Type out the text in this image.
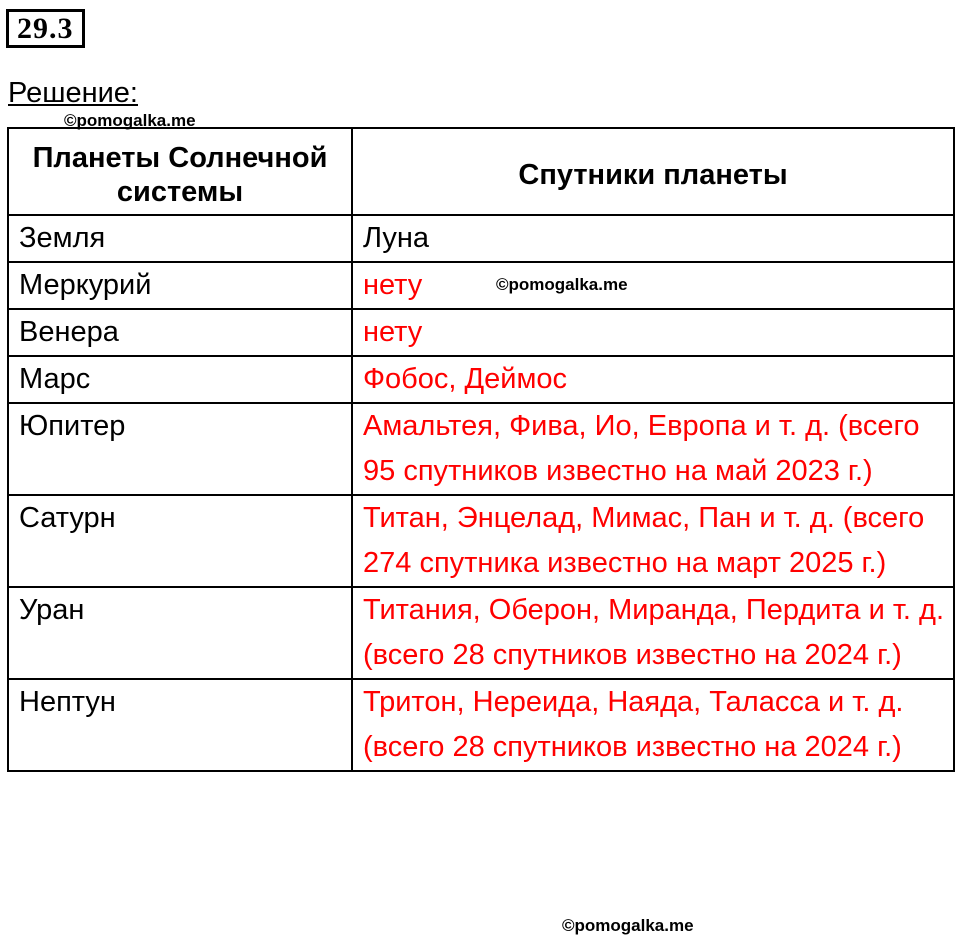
29.3
Решение:
©pomogalka.me
Планеты Солнечной системы	Спутники планеты
Земля	Луна
Меркурий	нету
Венера	нету
Марс	Фобос, Деймос
Юпитер	Амальтея, Фива, Ио, Европа и т. д. (всего 95 спутников известно на май 2023 г.)
Сатурн	Титан, Энцелад, Мимас, Пан и т. д. (всего 274 спутника известно на март 2025 г.)
Уран	Титания, Оберон, Миранда, Пердита и т. д. (всего 28 спутников известно на 2024 г.)
Нептун	Тритон, Нереида, Наяда, Таласса и т. д. (всего 28 спутников известно на 2024 г.)
©pomogalka.me
©pomogalka.me
